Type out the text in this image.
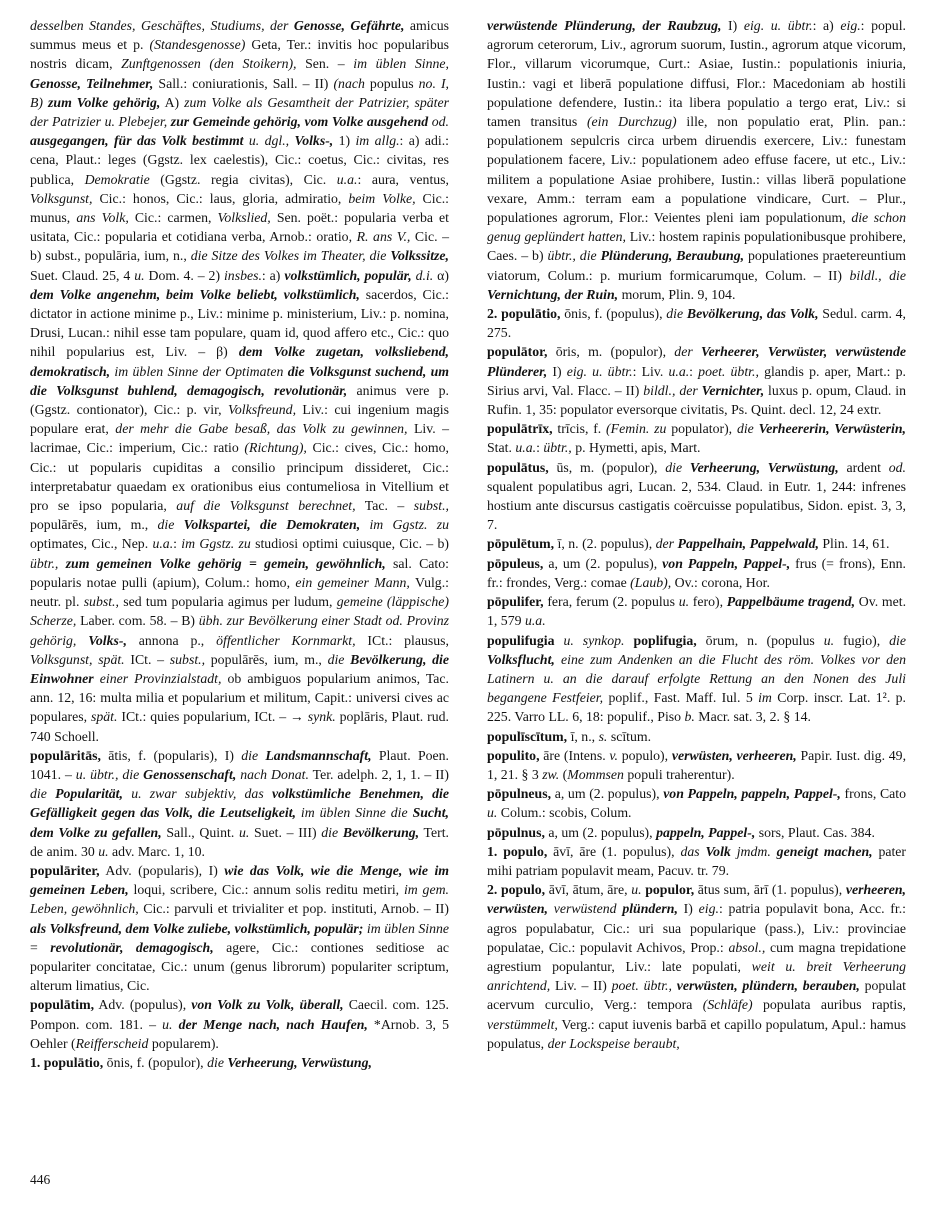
desselben Standes, Geschäftes, Studiums, der Genosse, Gefährte, amicus summus meus et p. (Standesgenosse) Geta, Ter.: invitis hoc popularibus nostris dicam, Zunftgenossen (den Stoikern), Sen. – im üblen Sinne, Genosse, Teilnehmer, Sall.: coniurationis, Sall. – II) (nach populus no. I, B) zum Volke gehörig, A) zum Volke als Gesamtheit der Patrizier, später der Patrizier u. Plebejer, zur Gemeinde gehörig, vom Volke ausgehend od. ausgegangen, für das Volk bestimmt u. dgl., Volks-, 1) im allg.: a) adi.: cena, Plaut.: leges (Ggstz. lex caelestis), Cic.: coetus, Cic.: civitas, res publica, Demokratie (Ggstz. regia civitas), Cic. u.a.: aura, ventus, Volksgunst, Cic.: honos, Cic.: laus, gloria, admiratio, beim Volke, Cic.: munus, ans Volk, Cic.: carmen, Volkslied, Sen. poët.: popularia verba et usitata, Cic.: popularia et cotidiana verba, Arnob.: oratio, R. ans V., Cic. – b) subst., populāria, ium, n., die Sitze des Volkes im Theater, die Volkssitze, Suet. Claud. 25, 4 u. Dom. 4. – 2) insbes.: a) volkstümlich, populär, d.i. α) dem Volke angenehm, beim Volke beliebt, volkstümlich, sacerdos, Cic.: dictator in actione minime p., Liv.: minime p. ministerium, Liv.: p. nomina, Drusi, Lucan.: nihil esse tam populare, quam id, quod affero etc., Cic.: quo nihil popularius est, Liv. – β) dem Volke zugetan, volksliebend, demokratisch, im üblen Sinne der Optimaten die Volksgunst suchend, um die Volksgunst buhlend, demagogisch, revolutionär, animus vere p. (Ggstz. contionator), Cic.: p. vir, Volksfreund, Liv.: cui ingenium magis populare erat, der mehr die Gabe besaß, das Volk zu gewinnen, Liv. – lacrimae, Cic.: imperium, Cic.: ratio (Richtung), Cic.: cives, Cic.: homo, Cic.: ut popularis cupiditas a consilio principum dissideret, Cic.: interpretabatur quaedam ex orationibus eius contumeliosa in Vitellium et pro se ipso popularia, auf die Volksgunst berechnet, Tac. – subst., populārēs, ium, m., die Volkspartei, die Demokraten, im Ggstz. zu optimates, Cic., Nep. u.a.: im Ggstz. zu studiosi optimi cuiusque, Cic. – b) übtr., zum gemeinen Volke gehörig = gemein, gewöhnlich, sal. Cato: popularis notae pulli (apium), Colum.: homo, ein gemeiner Mann, Vulg.: neutr. pl. subst., sed tum popularia agimus per ludum, gemeine (läppische) Scherze, Laber. com. 58. – B) übh. zur Bevölkerung einer Stadt od. Provinz gehörig, Volks-, annona p., öffentlicher Kornmarkt, ICt.: plausus, Volksgunst, spät. ICt. – subst., populārēs, ium, m., die Bevölkerung, die Einwohner einer Provinzialstadt, ob ambiguos popularium animos, Tac. ann. 12, 16: multa milia et popularium et militum, Capit.: universi cives ac populares, spät. ICt.: quies popularium, ICt. – → synk. poplāris, Plaut. rud. 740 Schoell.

populāritās, ātis, f. (popularis), I) die Landsmannschaft, Plaut. Poen. 1041. – u. übtr., die Genossenschaft, nach Donat. Ter. adelph. 2, 1, 1. – II) die Popularität, u. zwar subjektiv, das volkstümliche Benehmen, die Gefälligkeit gegen das Volk, die Leutseligkeit, im üblen Sinne die Sucht, dem Volke zu gefallen, Sall., Quint. u. Suet. – III) die Bevölkerung, Tert. de anim. 30 u. adv. Marc. 1, 10.

populāriter, Adv. (popularis), I) wie das Volk, wie die Menge, wie im gemeinen Leben, loqui, scribere, Cic.: annum solis reditu metiri, im gem. Leben, gewöhnlich, Cic.: parvuli et trivialiter et pop. instituti, Arnob. – II) als Volksfreund, dem Volke zuliebe, volkstümlich, populär; im üblen Sinne = revolutionär, demagogisch, agere, Cic.: contiones seditiose ac populariter concitatae, Cic.: unum (genus librorum) populariter scriptum, alterum limatius, Cic.

populātim, Adv. (populus), von Volk zu Volk, überall, Caecil. com. 125. Pompon. com. 181. – u. der Menge nach, nach Haufen, *Arnob. 3, 5 Oehler (Reifferscheid popularem).

1. populātio, ōnis, f. (populor), die Verheerung, Verwüstung,

verwüstende Plünderung, der Raubzug, I) eig. u. übtr.: a) eig.: popul. agrorum ceterorum, Liv., agrorum suorum, Iustin., agrorum atque vicorum, Flor., villarum vicorumque, Curt.: Asiae, Iustin.: populationis iniuria, Iustin.: vagi et liberā populatione diffusi, Flor.: Macedoniam ab hostili populatione defendere, Iustin.: ita libera populatio a tergo erat, Liv.: si tamen transitus (ein Durchzug) ille, non populatio erat, Plin. pan.: populationem sepulcris circa urbem diruendis exercere, Liv.: funestam populationem facere, Liv.: populationem adeo effuse facere, ut etc., Liv.: militem a populatione Asiae prohibere, Iustin.: villas liberā populatione vexare, Amm.: terram eam a populatione vindicare, Curt. – Plur., populationes agrorum, Flor.: Veientes pleni iam populationum, die schon genug geplündert hatten, Liv.: hostem rapinis populationibusque prohibere, Caes. – b) übtr., die Plünderung, Beraubung, populationes praetereuntium viatorum, Colum.: p. murium formicarumque, Colum. – II) bildl., die Vernichtung, der Ruin, morum, Plin. 9, 104.

2. populātio, ōnis, f. (populus), die Bevölkerung, das Volk, Sedul. carm. 4, 275.

populātor, ōris, m. (populor), der Verheerer, Verwüster, verwüstende Plünderer, I) eig. u. übtr.: Liv. u.a.: poet. übtr., glandis p. aper, Mart.: p. Sirius arvi, Val. Flacc. – II) bildl., der Vernichter, luxus p. opum, Claud. in Rufin. 1, 35: populator eversorque civitatis, Ps. Quint. decl. 12, 24 extr.

populātrīx, trīcis, f. (Femin. zu populator), die Verheererin, Verwüsterin, Stat. u.a.: übtr., p. Hymetti, apis, Mart.

populātus, ūs, m. (populor), die Verheerung, Verwüstung, ardent od. squalent populatibus agri, Lucan. 2, 534. Claud. in Eutr. 1, 244: infrenes hostium ante discursus castigatis coërcuisse populatibus, Sidon. epist. 3, 3, 7.

pōpulētum, ī, n. (2. populus), der Pappelhain, Pappelwald, Plin. 14, 61.

pōpuleus, a, um (2. populus), von Pappeln, Pappel-, frus (= frons), Enn. fr.: frondes, Verg.: comae (Laub), Ov.: corona, Hor.

pōpulifer, fera, ferum (2. populus u. fero), Pappelbäume tragend, Ov. met. 1, 579 u.a.

populifugia u. synkop. poplifugia, ōrum, n. (populus u. fugio), die Volksflucht, eine zum Andenken an die Flucht des röm. Volkes vor den Latinern u. an die darauf erfolgte Rettung an den Nonen des Juli begangene Festfeier, poplif., Fast. Maff. Iul. 5 im Corp. inscr. Lat. 1². p. 225. Varro LL. 6, 18: populif., Piso b. Macr. sat. 3, 2. § 14.

populīscītum, ī, n., s. scītum.

populito, āre (Intens. v. populo), verwüsten, verheeren, Papir. Iust. dig. 49, 1, 21. § 3 zw. (Mommsen populi traherentur).

pōpulneus, a, um (2. populus), von Pappeln, pappeln, Pappel-, frons, Cato u. Colum.: scobis, Colum.

pōpulnus, a, um (2. populus), pappeln, Pappel-, sors, Plaut. Cas. 384.

1. populo, āvī, āre (1. populus), das Volk jmdm. geneigt machen, pater mihi patriam populavit meam, Pacuv. tr. 79.

2. populo, āvī, ātum, āre, u. populor, ātus sum, ārī (1. populus), verheeren, verwüsten, verwüstend plündern, I) eig.: patria populavit bona, Acc. fr.: agros populabatur, Cic.: uri sua popularique (pass.), Liv.: provinciae populatae, Cic.: populavit Achivos, Prop.: absol., cum magna trepidatione agrestium populantur, Liv.: late populati, weit u. breit Verheerung anrichtend, Liv. – II) poet. übtr., verwüsten, plündern, berauben, populat acervum curculio, Verg.: tempora (Schläfe) populata auribus raptis, verstümmelt, Verg.: caput iuvenis barbā et capillo populatum, Apul.: hamus populatus, der Lockspeise beraubt,

446
